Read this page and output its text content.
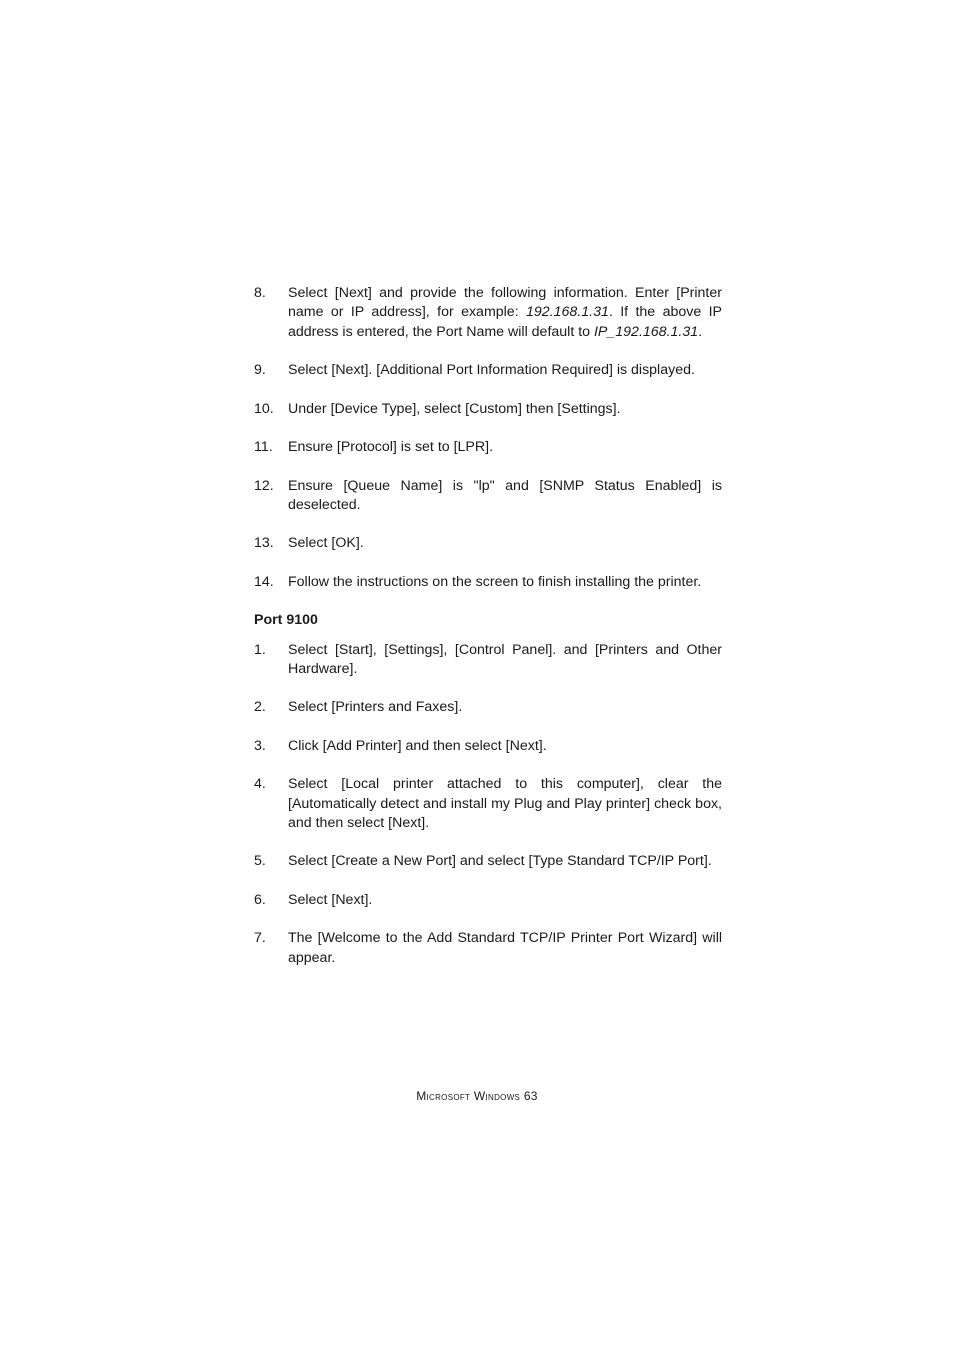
8. Select [Next] and provide the following information. Enter [Printer name or IP address], for example: 192.168.1.31. If the above IP address is entered, the Port Name will default to IP_192.168.1.31.
9. Select [Next]. [Additional Port Information Required] is displayed.
10. Under [Device Type], select [Custom] then [Settings].
11. Ensure [Protocol] is set to [LPR].
12. Ensure [Queue Name] is "lp" and [SNMP Status Enabled] is deselected.
13. Select [OK].
14. Follow the instructions on the screen to finish installing the printer.
Port 9100
1. Select [Start], [Settings], [Control Panel]. and [Printers and Other Hardware].
2. Select [Printers and Faxes].
3. Click [Add Printer] and then select [Next].
4. Select [Local printer attached to this computer], clear the [Automatically detect and install my Plug and Play printer] check box, and then select [Next].
5. Select [Create a New Port] and select [Type Standard TCP/IP Port].
6. Select [Next].
7. The [Welcome to the Add Standard TCP/IP Printer Port Wizard] will appear.
Microsoft Windows 63
